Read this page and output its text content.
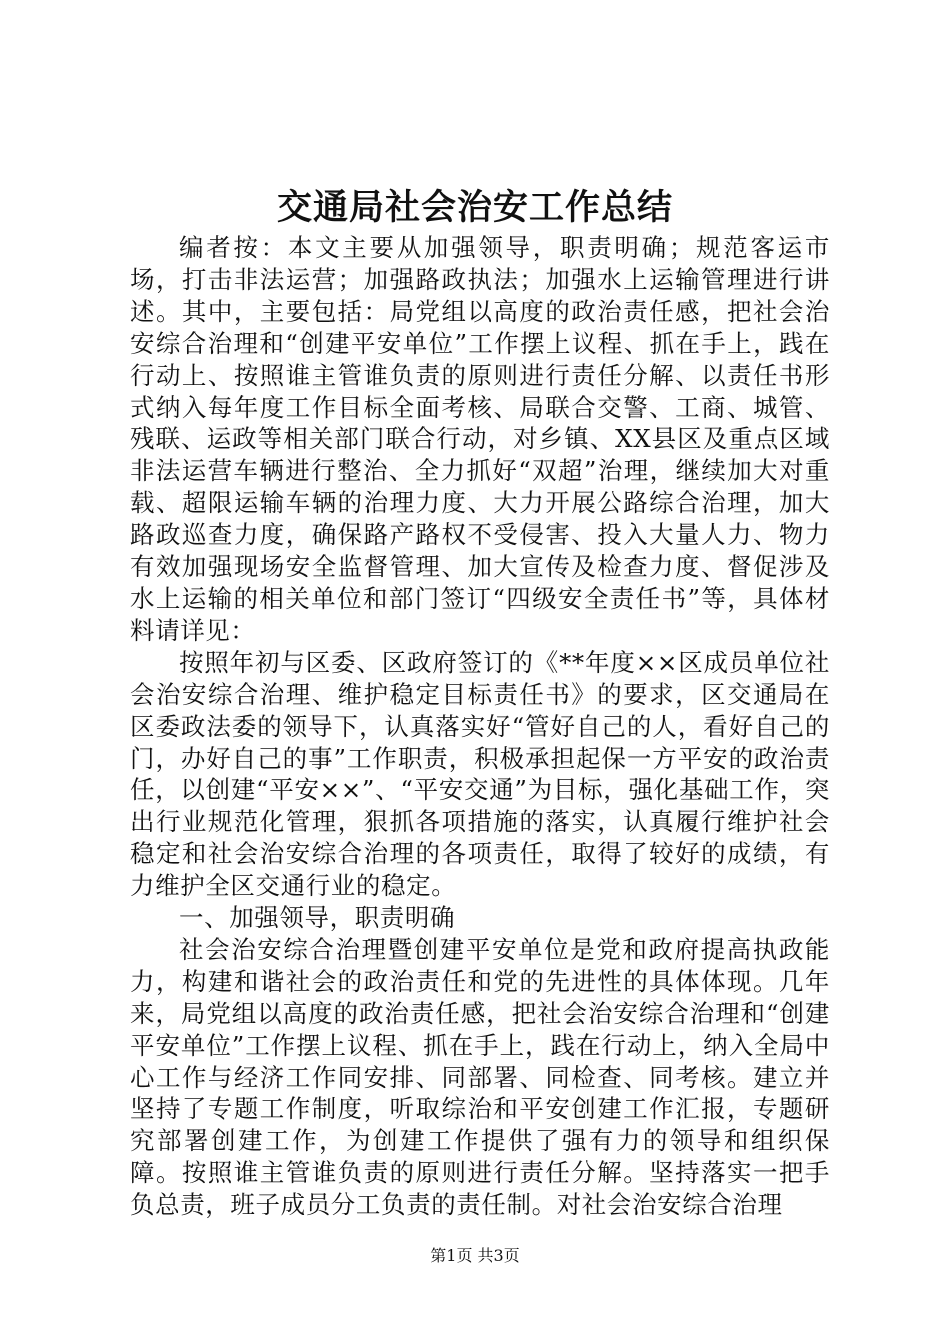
交通局社会治安工作总结

编者按：本文主要从加强领导，职责明确；规范客运市场，打击非法运营；加强路政执法；加强水上运输管理进行讲述。其中，主要包括：局党组以高度的政治责任感，把社会治安综合治理和“创建平安单位”工作摆上议程、抓在手上，践在行动上、按照谁主管谁负责的原则进行责任分解、以责任书形式纳入每年度工作目标全面考核、局联合交警、工商、城管、残联、运政等相关部门联合行动，对乡镇、XX县区及重点区域非法运营车辆进行整治、全力抓好“双超”治理，继续加大对重载、超限运输车辆的治理力度、大力开展公路综合治理，加大路政巡查力度，确保路产路权不受侵害、投入大量人力、物力有效加强现场安全监督管理、加大宣传及检查力度、督促涉及水上运输的相关单位和部门签订“四级安全责任书”等，具体材料请详见：

按照年初与区委、区政府签订的《**年度××区成员单位社会治安综合治理、维护稳定目标责任书》的要求，区交通局在区委政法委的领导下，认真落实好“管好自己的人，看好自己的门，办好自己的事”工作职责，积极承担起保一方平安的政治责任，以创建“平安××”、“平安交通”为目标，强化基础工作，突出行业规范化管理，狠抓各项措施的落实，认真履行维护社会稳定和社会治安综合治理的各项责任，取得了较好的成绩，有力维护全区交通行业的稳定。

一、加强领导，职责明确

社会治安综合治理暨创建平安单位是党和政府提高执政能力，构建和谐社会的政治责任和党的先进性的具体体现。几年来，局党组以高度的政治责任感，把社会治安综合治理和“创建平安单位”工作摆上议程、抓在手上，践在行动上，纳入全局中心工作与经济工作同安排、同部署、同检查、同考核。建立并坚持了专题工作制度，听取综治和平安创建工作汇报，专题研究部署创建工作，为创建工作提供了强有力的领导和组织保障。按照谁主管谁负责的原则进行责任分解。坚持落实一把手负总责，班子成员分工负责的责任制。对社会治安综合治理

第1页 共3页
